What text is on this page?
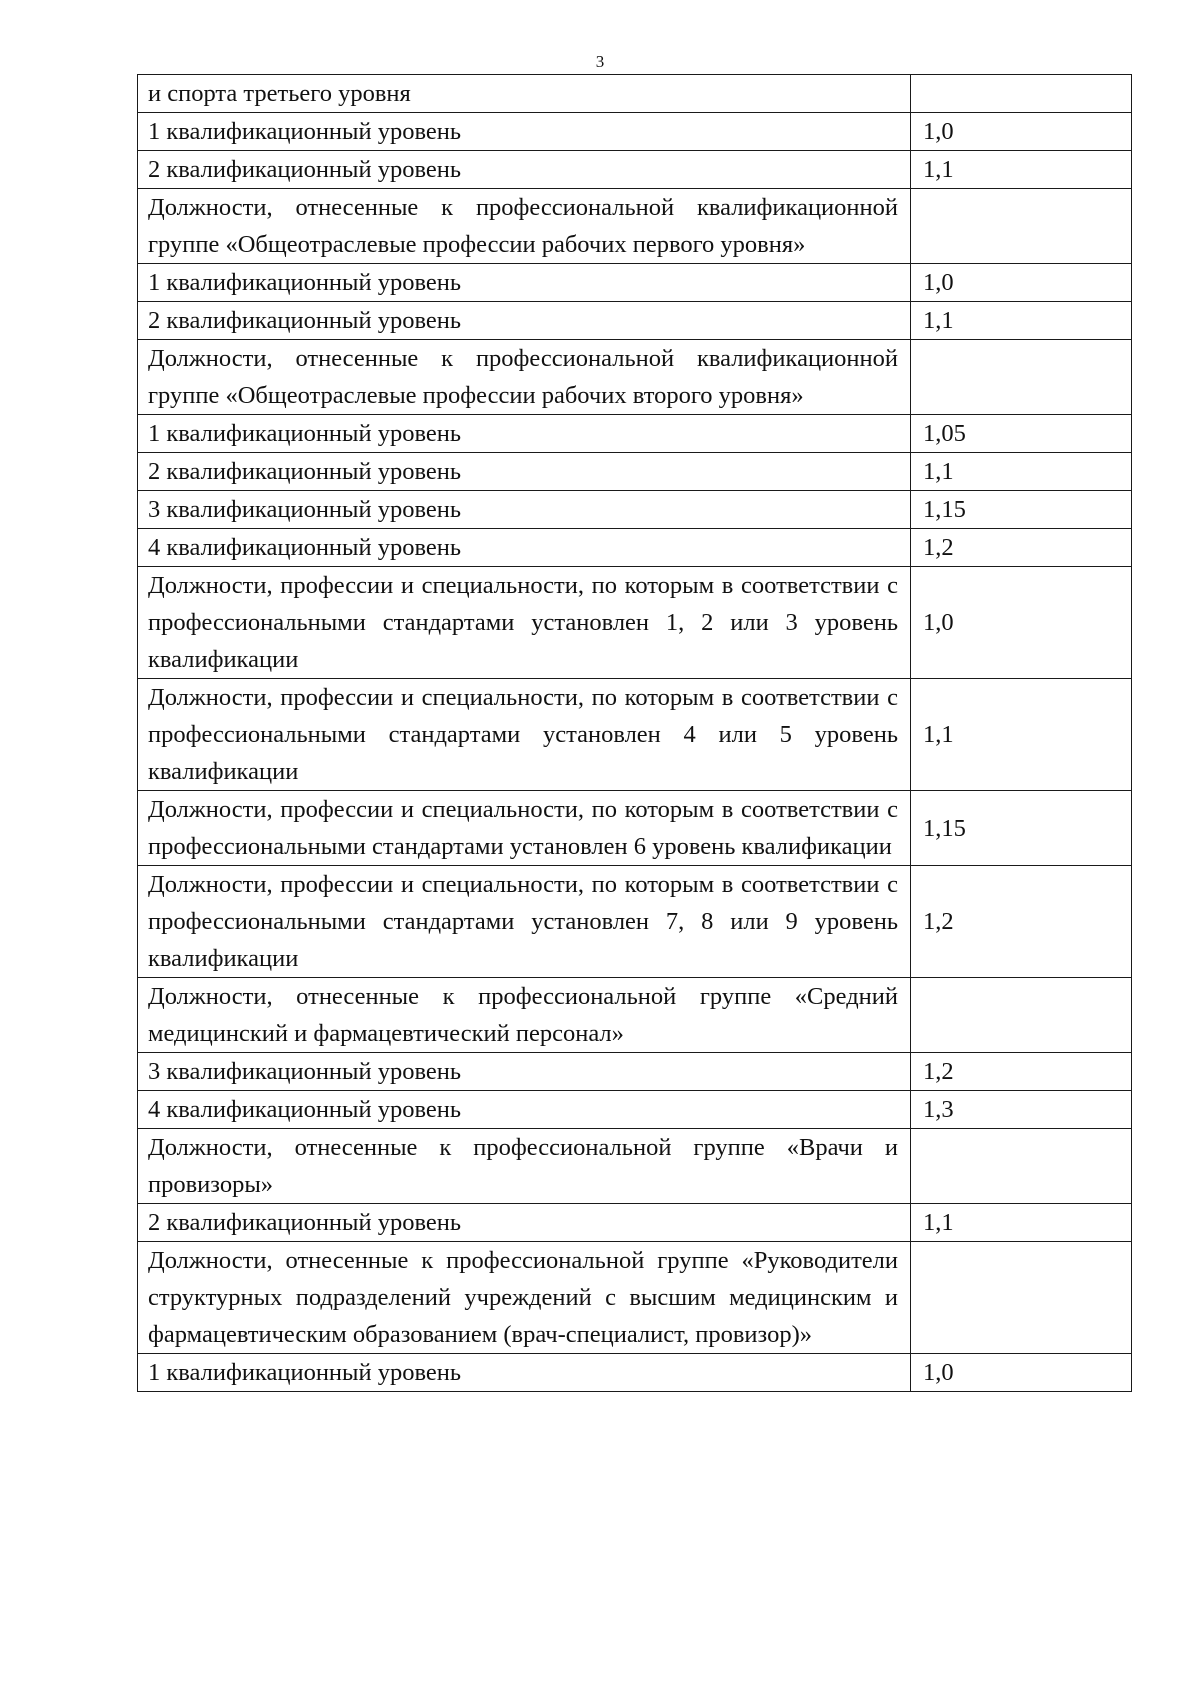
3
и спорта третьего уровня	
1 квалификационный уровень	1,0
2 квалификационный уровень	1,1
Должности, отнесенные к профессиональной квалификационной группе «Общеотраслевые профессии рабочих первого уровня»	
1 квалификационный уровень	1,0
2 квалификационный уровень	1,1
Должности, отнесенные к профессиональной квалификационной группе «Общеотраслевые профессии рабочих второго уровня»	
1 квалификационный уровень	1,05
2 квалификационный уровень	1,1
3 квалификационный уровень	1,15
4 квалификационный уровень	1,2
Должности, профессии и специальности, по которым в соответствии с профессиональными стандартами установлен 1, 2 или 3 уровень квалификации	1,0
Должности, профессии и специальности, по которым в соответствии с профессиональными стандартами установлен 4 или 5 уровень квалификации	1,1
Должности, профессии и специальности, по которым в соответствии с профессиональными стандартами установлен 6 уровень квалификации	1,15
Должности, профессии и специальности, по которым в соответствии с профессиональными стандартами установлен 7, 8 или 9 уровень квалификации	1,2
Должности, отнесенные к профессиональной группе «Средний медицинский и фармацевтический персонал»	
3 квалификационный уровень	1,2
4 квалификационный уровень	1,3
Должности, отнесенные к профессиональной группе «Врачи и провизоры»	
2 квалификационный уровень	1,1
Должности, отнесенные к профессиональной группе «Руководители структурных подразделений учреждений с высшим медицинским и фармацевтическим образованием (врач-специалист, провизор)»	
1 квалификационный уровень	1,0
